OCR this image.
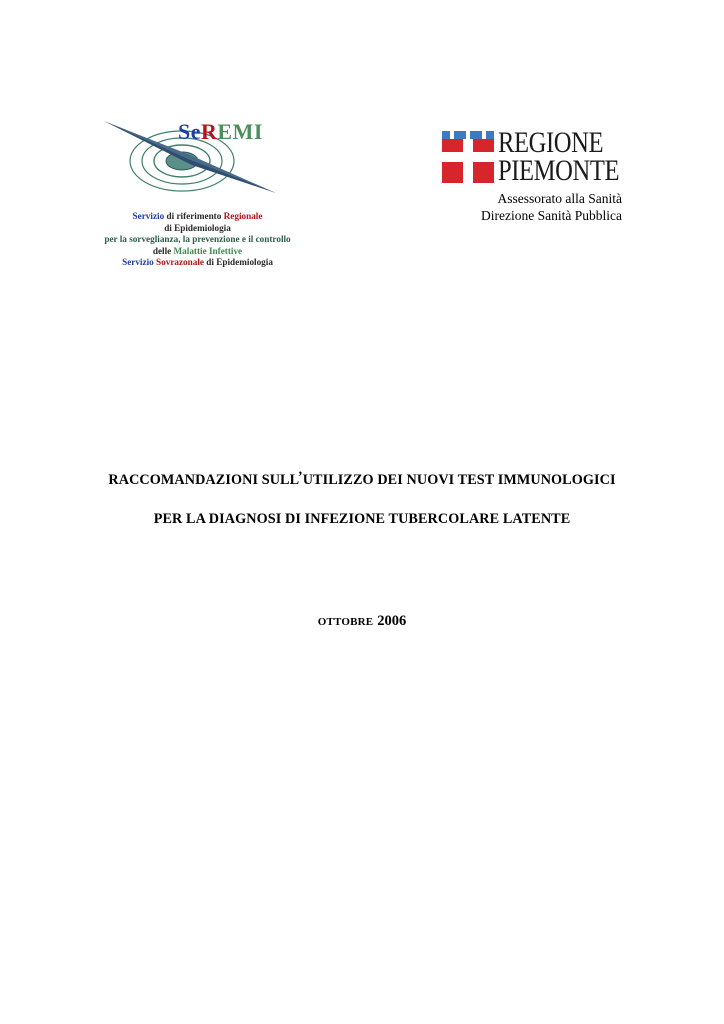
SeREMI
Servizio di riferimento Regionale
di Epidemiologia
per la sorveglianza, la prevenzione e il controllo
delle Malattie Infettive
Servizio Sovrazonale di Epidemiologia
REGIONE
PIEMONTE
Assessorato alla Sanità
Direzione Sanità Pubblica
RACCOMANDAZIONI SULL’UTILIZZO DEI NUOVI TEST IMMUNOLOGICI
PER LA DIAGNOSI DI INFEZIONE TUBERCOLARE LATENTE
OTTOBRE 2006
